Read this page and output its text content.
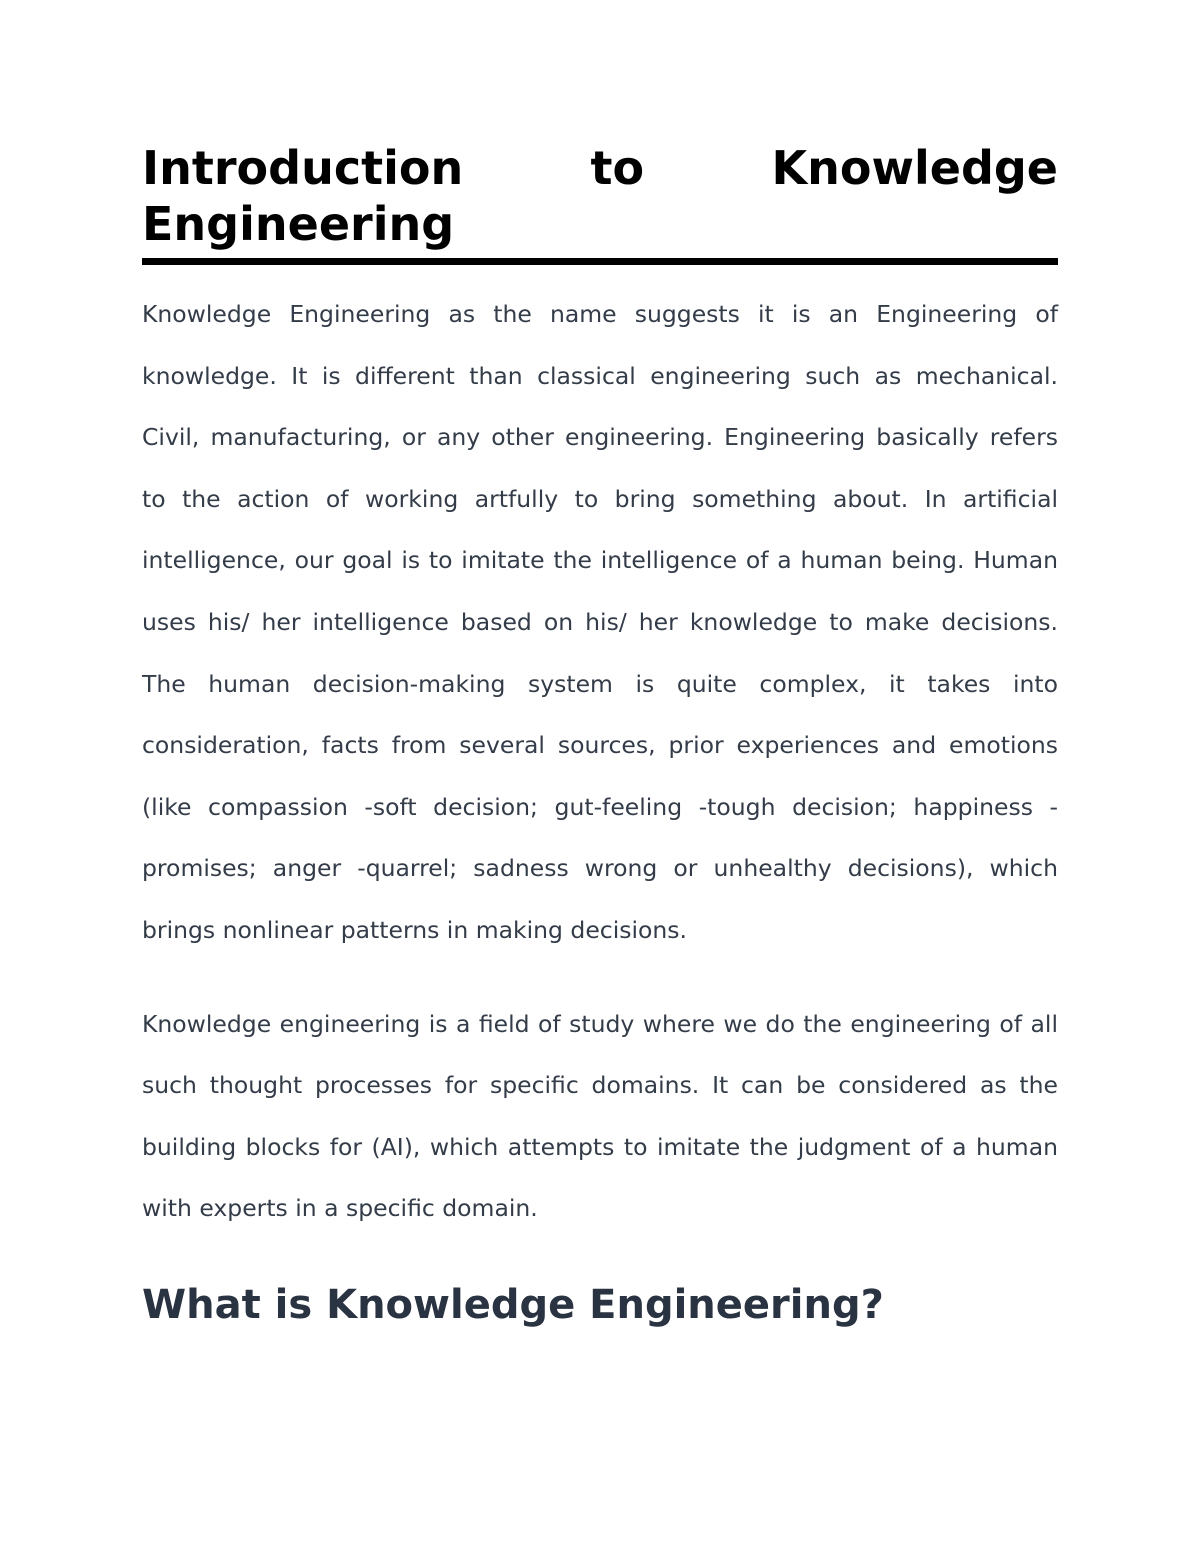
Introduction to Knowledge Engineering

Knowledge Engineering as the name suggests it is an Engineering of knowledge. It is different than classical engineering such as mechanical. Civil, manufacturing, or any other engineering. Engineering basically refers to the action of working artfully to bring something about. In artificial intelligence, our goal is to imitate the intelligence of a human being. Human uses his/ her intelligence based on his/ her knowledge to make decisions. The human decision-making system is quite complex, it takes into consideration, facts from several sources, prior experiences and emotions (like compassion -soft decision; gut-feeling -tough decision; happiness -promises; anger -quarrel; sadness wrong or unhealthy decisions), which brings nonlinear patterns in making decisions.

Knowledge engineering is a field of study where we do the engineering of all such thought processes for specific domains. It can be considered as the building blocks for (AI), which attempts to imitate the judgment of a human with experts in a specific domain.

What is Knowledge Engineering?
